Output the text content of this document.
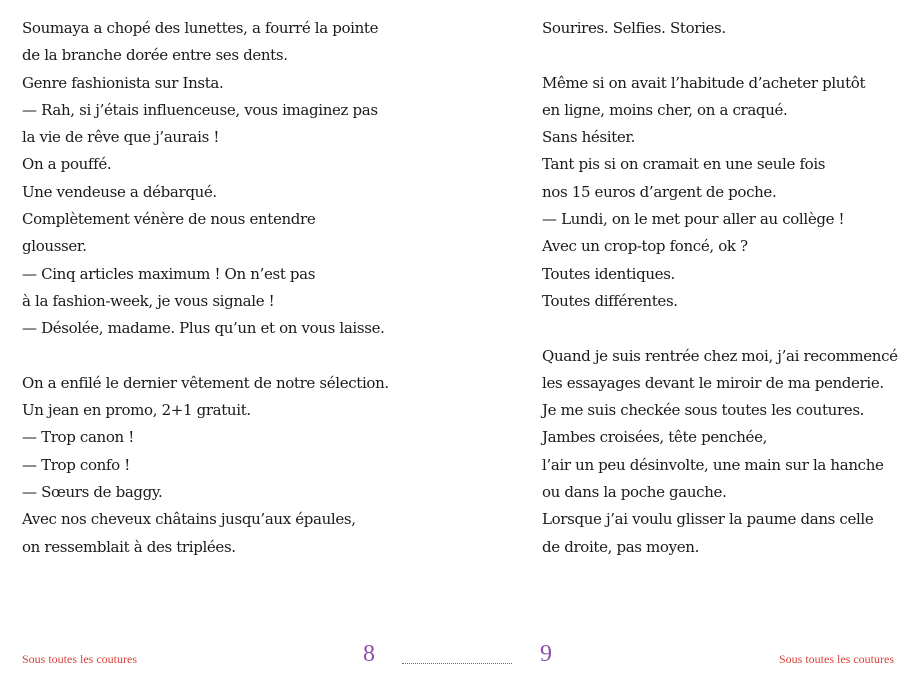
Soumaya a chopé des lunettes, a fourré la pointe
de la branche dorée entre ses dents.
Genre fashionista sur Insta.
— Rah, si j’étais influenceuse, vous imaginez pas
la vie de rêve que j’aurais !
On a pouffé.
Une vendeuse a débarqué.
Complètement vénère de nous entendre
glousser.
— Cinq articles maximum ! On n’est pas
à la fashion-week, je vous signale !
— Désolée, madame. Plus qu’un et on vous laisse.
On a enfilé le dernier vêtement de notre sélection.
Un jean en promo, 2+1 gratuit.
— Trop canon !
— Trop confo !
— Sœurs de baggy.
Avec nos cheveux châtains jusqu’aux épaules,
on ressemblait à des triplées.
Sous toutes les coutures	8
Sourires. Selfies. Stories.
Même si on avait l’habitude d’acheter plutôt
en ligne, moins cher, on a craqué.
Sans hésiter.
Tant pis si on cramait en une seule fois
nos 15 euros d’argent de poche.
— Lundi, on le met pour aller au collège !
Avec un crop-top foncé, ok ?
Toutes identiques.
Toutes différentes.
Quand je suis rentrée chez moi, j’ai recommencé
les essayages devant le miroir de ma penderie.
Je me suis checkée sous toutes les coutures.
Jambes croisées, tête penchée,
l’air un peu désinvolte, une main sur la hanche
ou dans la poche gauche.
Lorsque j’ai voulu glisser la paume dans celle
de droite, pas moyen.
9	Sous toutes les coutures
